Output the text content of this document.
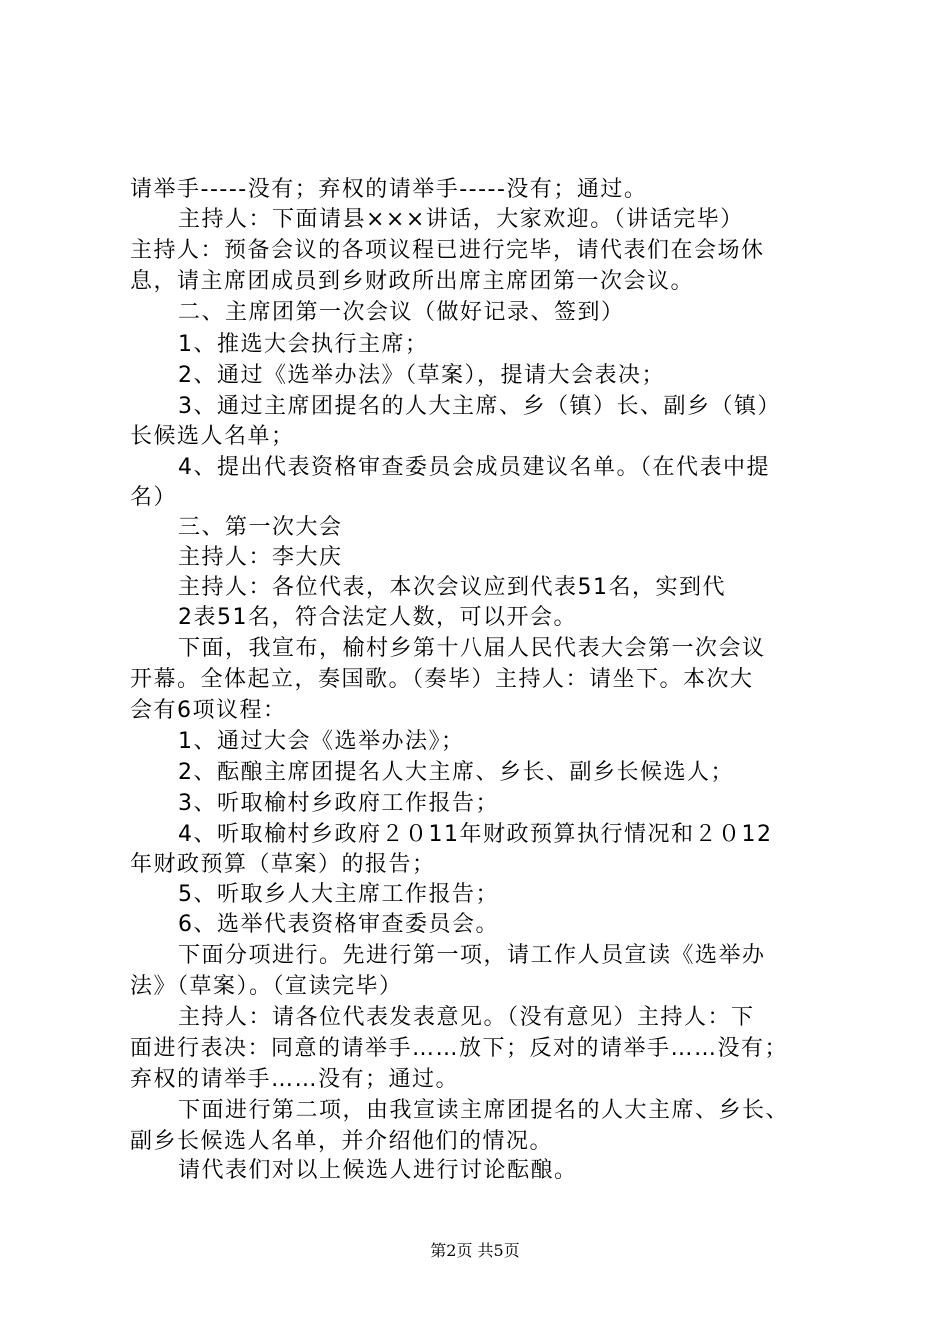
请举手-----没有；弃权的请举手-----没有；通过。
主持人：下面请县×××讲话，大家欢迎。（讲话完毕）
主持人：预备会议的各项议程已进行完毕，请代表们在会场休
息，请主席团成员到乡财政所出席主席团第一次会议。
二、主席团第一次会议（做好记录、签到）
1、推选大会执行主席；
2、通过《选举办法》（草案），提请大会表决；
3、通过主席团提名的人大主席、乡（镇）长、副乡（镇）
长候选人名单；
4、提出代表资格审查委员会成员建议名单。（在代表中提
名）
三、第一次大会
主持人：李大庆
主持人：各位代表，本次会议应到代表51名，实到代
2表51名，符合法定人数，可以开会。
下面，我宣布，榆村乡第十八届人民代表大会第一次会议
开幕。全体起立，奏国歌。（奏毕）主持人：请坐下。本次大
会有6项议程：
1、通过大会《选举办法》；
2、酝酿主席团提名人大主席、乡长、副乡长候选人；
3、听取榆村乡政府工作报告；
4、听取榆村乡政府２０11年财政预算执行情况和２０12
年财政预算（草案）的报告；
5、听取乡人大主席工作报告；
6、选举代表资格审查委员会。
下面分项进行。先进行第一项，请工作人员宣读《选举办
法》（草案）。（宣读完毕）
主持人：请各位代表发表意见。（没有意见）主持人：下
面进行表决：同意的请举手……放下；反对的请举手……没有；
弃权的请举手……没有；通过。
下面进行第二项，由我宣读主席团提名的人大主席、乡长、
副乡长候选人名单，并介绍他们的情况。
请代表们对以上候选人进行讨论酝酿。
第2页 共5页
